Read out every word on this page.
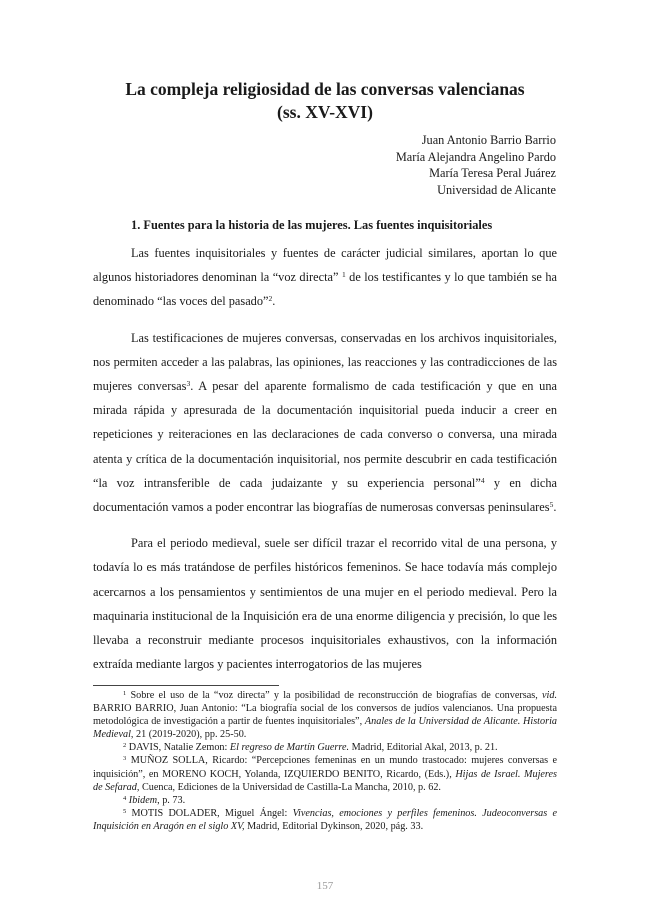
La compleja religiosidad de las conversas valencianas
(ss. XV-XVI)
Juan Antonio Barrio Barrio
María Alejandra Angelino Pardo
María Teresa Peral Juárez
Universidad de Alicante
1. Fuentes para la historia de las mujeres. Las fuentes inquisitoriales

Las fuentes inquisitoriales y fuentes de carácter judicial similares, aportan lo que algunos historiadores denominan la “voz directa” $^1$ de los testificantes y lo que también se ha denominado “las voces del pasado”$^2$.

Las testificaciones de mujeres conversas, conservadas en los archivos inquisitoriales, nos permiten acceder a las palabras, las opiniones, las reacciones y las contradicciones de las mujeres conversas$^3$. A pesar del aparente formalismo de cada testificación y que en una mirada rápida y apresurada de la documentación inquisitorial pueda inducir a creer en repeticiones y reiteraciones en las declaraciones de cada converso o conversa, una mirada atenta y crítica de la documentación inquisitorial, nos permite descubrir en cada testificación “la voz intransferible de cada judaizante y su experiencia personal”$^4$ y en dicha documentación vamos a poder encontrar las biografías de numerosas conversas peninsulares$^5$.

Para el periodo medieval, suele ser difícil trazar el recorrido vital de una persona, y todavía lo es más tratándose de perfiles históricos femeninos. Se hace todavía más complejo acercarnos a los pensamientos y sentimientos de una mujer en el periodo medieval. Pero la maquinaria institucional de la Inquisición era de una enorme diligencia y precisión, lo que les llevaba a reconstruir mediante procesos inquisitoriales exhaustivos, con la información extraída mediante largos y pacientes interrogatorios de las mujeres

$^1$ Sobre el uso de la “voz directa” y la posibilidad de reconstrucción de biografías de conversas, vid. BARRIO BARRIO, Juan Antonio: “La biografía social de los conversos de judíos valencianos. Una propuesta metodológica de investigación a partir de fuentes inquisitoriales”, Anales de la Universidad de Alicante. Historia Medieval, 21 (2019-2020), pp. 25-50.

$^2$ DAVIS, Natalie Zemon: El regreso de Martín Guerre. Madrid, Editorial Akal, 2013, p. 21.

$^3$ MUÑOZ SOLLA, Ricardo: “Percepciones femeninas en un mundo trastocado: mujeres conversas e inquisición”, en MORENO KOCH, Yolanda, IZQUIERDO BENITO, Ricardo, (Eds.), Hijas de Israel. Mujeres de Sefarad, Cuenca, Ediciones de la Universidad de Castilla-La Mancha, 2010, p. 62.

$^4$ Ibidem, p. 73.

$^5$ MOTIS DOLADER, Miguel Ángel: Vivencias, emociones y perfiles femeninos. Judeoconversas e Inquisición en Aragón en el siglo XV, Madrid, Editorial Dykinson, 2020, pág. 33.

157
